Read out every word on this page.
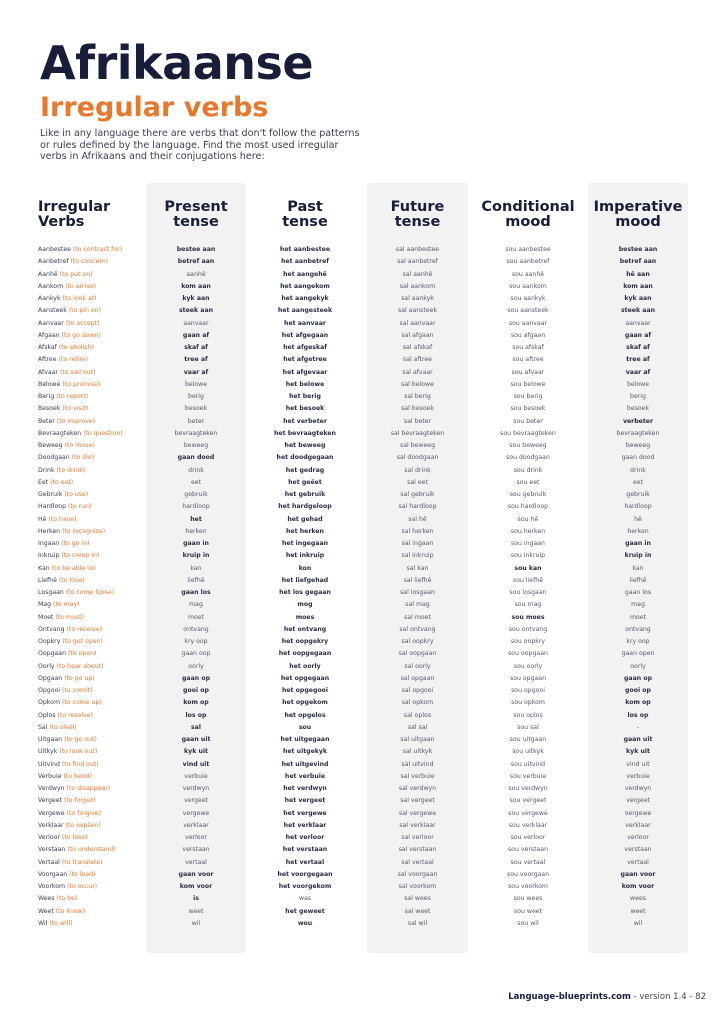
Afrikaanse
Irregular verbs

Like in any language there are verbs that don't follow the patterns or rules defined by the language. Find the most used irregular verbs in Afrikaans and their conjugations here:

Irregular
Verbs
Aanbestee (to contract for)
Aanbetref (to concern)
Aanhê (to put on)
Aankom (to arrive)
Aankyk (to look at)
Aansteek (to pin on)
Aanvaar (to accept)
Afgaan (to go down)
Afskaf (to abolish)
Aftree (to retire)
Afvaar (to sail out)
Belowe (to promise)
Berig (to report)
Besoek (to visit)
Beter (to improve)
Bevraagteken (to question)
Beweeg (to move)
Doodgaan (to die)
Drink (to drink)
Eet (to eat)
Gebruik (to use)
Hardloop (to run)
Hê (to have)
Herken (to recognize)
Ingaan (to go in)
Inkruip (to creep in)
Kan (to be able to)
Liefhê (to love)
Losgaan (to come loose)
Mag (to may)
Moet (to must)
Ontvang (to receive)
Oopkry (to get open)
Oopgaan (to open)
Oorly (to hear about)
Opgaan (to go up)
Opgooi (to vomit)
Opkom (to come up)
Oplos (to resolve)
Sal (to shall)
Uitgaan (to go out)
Uitkyk (to look out)
Uitvind (to find out)
Verbuie (to bend)
Verdwyn (to disappear)
Vergeet (to forget)
Vergewe (to forgive)
Verklaar (to explain)
Verloor (to lose)
Verstaan (to understand)
Vertaal (to translate)
Voorgaan (to lead)
Voorkom (to occur)
Wees (to be)
Weet (to know)
Wil (to will)
Present
tense
bestee aan
betref aan
aanhê
kom aan
kyk aan
steek aan
aanvaar
gaan af
skaf af
tree af
vaar af
belowe
berig
besoek
beter
bevraagteken
beweeg
gaan dood
drink
eet
gebruik
hardloop
het
herken
gaan in
kruip in
kan
liefhê
gaan los
mag
moet
ontvang
kry oop
gaan oop
oorly
gaan op
gooi op
kom op
los op
sal
gaan uit
kyk uit
vind uit
verbuie
verdwyn
vergeet
vergewe
verklaar
verloor
verstaan
vertaal
gaan voor
kom voor
is
weet
wil
Past
tense
het aanbestee
het aanbetref
het aangehê
het aangekom
het aangekyk
het aangesteek
het aanvaar
het afgegaan
het afgeskaf
het afgetree
het afgevaar
het belowe
het berig
het besoek
het verbeter
het bevraagteken
het beweeg
het doodgegaan
het gedrag
het geëet
het gebruik
het hardgeloop
het gehad
het herken
het ingegaan
het inkruip
kon
het liefgehad
het los gegaan
mog
moes
het ontvang
het oopgekry
het oopgegaan
het oorly
het opgegaan
het opgegooi
het opgekom
het opgelos
sou
het uitgegaan
het uitgekyk
het uitgevind
het verbuie
het verdwyn
het vergeet
het vergewe
het verklaar
het verloor
het verstaan
het vertaal
het voorgegaan
het voorgekom
was
het geweet
wou
Future
tense
sal aanbestee
sal aanbetref
sal aanhê
sal aankom
sal aankyk
sal aansteek
sal aanvaar
sal afgaan
sal afskaf
sal aftree
sal afvaar
sal belowe
sal berig
sal besoek
sal beter
sal bevraagteken
sal beweeg
sal doodgaan
sal drink
sal eet
sal gebruik
sal hardloop
sal hê
sal herken
sal ingaan
sal inkruip
sal kan
sal liefhê
sal losgaan
sal mag
sal moet
sal ontvang
sal oopkry
sal oopgaan
sal oorly
sal opgaan
sal opgooi
sal opkom
sal oplos
sal sal
sal uitgaan
sal uitkyk
sal uitvind
sal verbuie
sal verdwyn
sal vergeet
sal vergewe
sal verklaar
sal verloor
sal verstaan
sal vertaal
sal voorgaan
sal voorkom
sal wees
sal weet
sal wil
Conditional
mood
sou aanbestee
sou aanbetref
sou aanhê
sou aankom
sou aankyk
sou aansteek
sou aanvaar
sou afgaan
sou afskaf
sou aftree
sou afvaar
sou belowe
sou berig
sou besoek
sou beter
sou bevraagteken
sou beweeg
sou doodgaan
sou drink
sou eet
sou gebruik
sou hardloop
sou hê
sou herken
sou ingaan
sou inkruip
sou kan
sou liefhê
sou losgaan
sou mag
sou moes
sou ontvang
sou oopkry
sou oopgaan
sou oorly
sou opgaan
sou opgooi
sou opkom
sou oplos
sou sal
sou uitgaan
sou uitkyk
sou uitvind
sou verbuie
sou verdwyn
sou vergeet
sou vergewe
sou verklaar
sou verloor
sou verstaan
sou vertaal
sou voorgaan
sou voorkom
sou wees
sou weet
sou wil
Imperative
mood
bestee aan
betref aan
hê aan
kom aan
kyk aan
steek aan
aanvaar
gaan af
skaf af
tree af
vaar af
belowe
berig
besoek
verbeter
bevraagteken
beweeg
gaan dood
drink
eet
gebruik
hardloop
hê
herken
gaan in
kruip in
kan
liefhê
gaan los
mag
moet
ontvang
kry oop
gaan open
oorly
gaan op
gooi op
kom op
los op
-
gaan uit
kyk uit
vind uit
verbuie
verdwyn
vergeet
vergewe
verklaar
verloor
verstaan
vertaal
gaan voor
kom voor
wees
weet
wil
Language-blueprints.com - version 1.4 - 82
